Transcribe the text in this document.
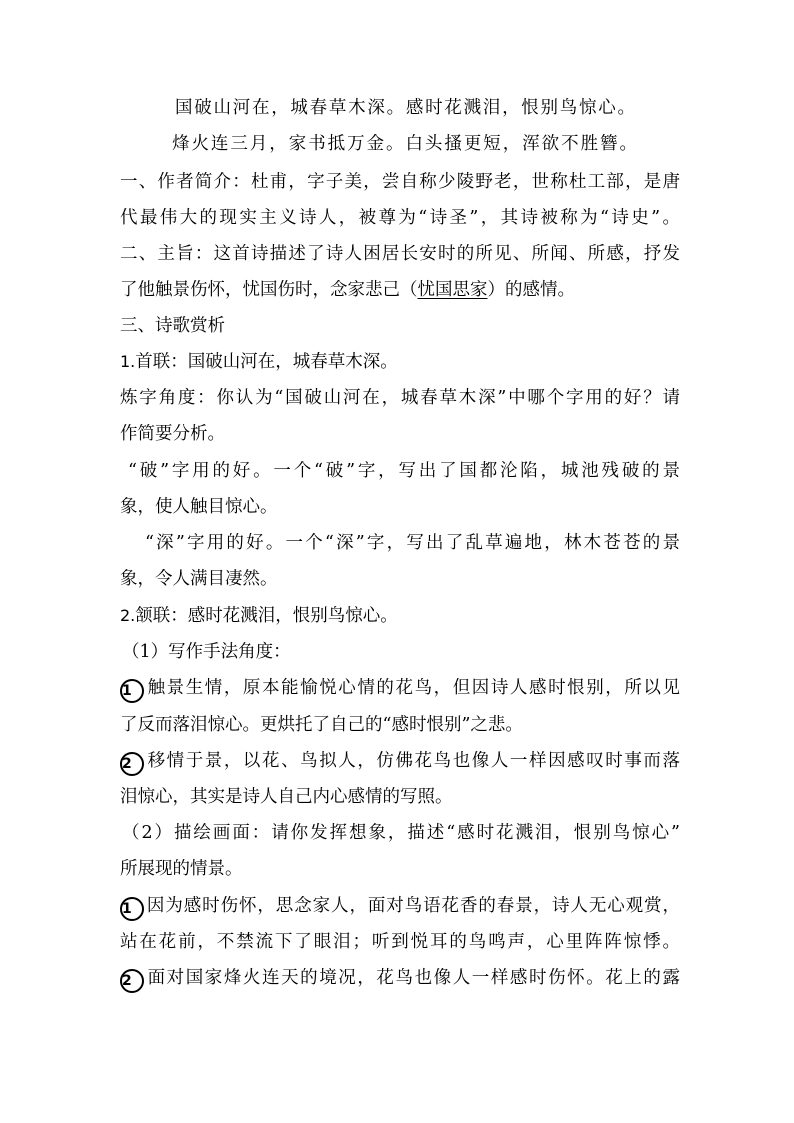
国破山河在，城春草木深。感时花溅泪，恨别鸟惊心。
烽火连三月，家书抵万金。白头搔更短，浑欲不胜簪。
一、作者简介：杜甫，字子美，尝自称少陵野老，世称杜工部，是唐
代最伟大的现实主义诗人，被尊为“诗圣”，其诗被称为“诗史”。
二、主旨：这首诗描述了诗人困居长安时的所见、所闻、所感，抒发
了他触景伤怀，忧国伤时，念家悲己（忧国思家）的感情。
三、诗歌赏析
1.首联：国破山河在，城春草木深。
炼字角度：你认为“国破山河在，城春草木深”中哪个字用的好？请
作简要分析。
“破”字用的好。一个“破”字，写出了国都沦陷，城池残破的景
象，使人触目惊心。
“深”字用的好。一个“深”字，写出了乱草遍地，林木苍苍的景
象，令人满目凄然。
2.颔联：感时花溅泪，恨别鸟惊心。
（1）写作手法角度：
1 触景生情，原本能愉悦心情的花鸟，但因诗人感时恨别，所以见
了反而落泪惊心。更烘托了自己的“感时恨别”之悲。
2 移情于景，以花、鸟拟人，仿佛花鸟也像人一样因感叹时事而落
泪惊心，其实是诗人自己内心感情的写照。
（2）描绘画面：请你发挥想象，描述“感时花溅泪，恨别鸟惊心”
所展现的情景。
1 因为感时伤怀，思念家人，面对鸟语花香的春景，诗人无心观赏，
站在花前，不禁流下了眼泪；听到悦耳的鸟鸣声，心里阵阵惊悸。
2 面对国家烽火连天的境况，花鸟也像人一样感时伤怀。花上的露
